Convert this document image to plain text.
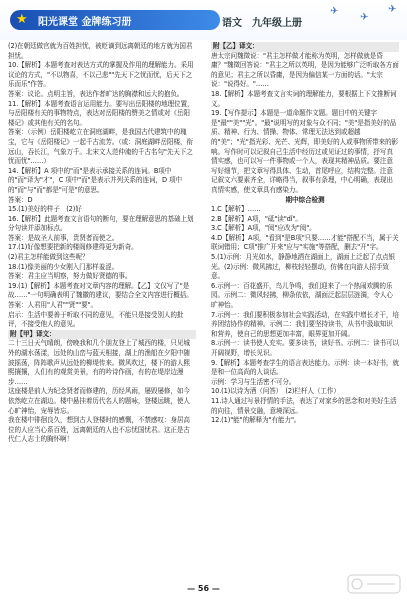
★ 阳光课堂 金牌练习册	语文　九年级上册
✈
✈
✈

(2)在朝廷做官就为百姓担忧，被贬谪到远离朝廷的地方就为国君担忧。

10.【解析】本题考查对表达方式的掌握及作用的理解能力。采用议论的方式，"不以物喜，不以己悲""先天下之忧而忧，后天下之乐而乐"作答。

答案：议论。点明主旨，表达作者旷达的胸襟和远大的抱负。

11.【解析】本题考查语言运用能力。要写出岳阳楼的地理位置，与岳阳楼有关的事物特点，表达对岳阳楼的赞美之情或对《岳阳楼记》或其他有关的名句。

答案：（示例）岳阳楼屹立在洞庭湖畔，是我国古代建筑中的瑰宝，它与《岳阳楼记》一起千古流芳。（或：洞庭湖畔岳阳楼，衔远山，吞长江，气象万千。北宋文人范仲淹的千古名句"先天下之忧而忧"……）

14.【解析】A 项中的"而"是表示承接关系的连词。B项中的"而"译为"才"，C 项中"而"是表示并列关系的连词，D 项中的"而"与"而"都是"可是"的意思。

答案：D

15.(1)美好的样子　(2)好

16.【解析】此题考查文言语句的断句，要在理解意思的基础上划分句读并添加标点。

答案：是故圣人前事，贵贤者而使之。

17.(1)好像想要把新的楼阁修建得更为新奇。

(2)君主怎样能做到这些呢？

18.(1)像美丽的少女刚入门那样羞涩。

答案：君主应当明察，努力做好贤德的事。

19.(1)【解析】本题考查对文章内容的理解。【乙】文仅写了"是故……"一句明确表明了魏徽的建议，要结合全文内容进行概括。

答案：人君用"人君""贤""要"。

启示：生活中要善于听取不同的意见，不能只是接受别人的批评，不接受他人的意见。

附【甲】译文：

二十三日天气晴朗，傍晚我和几个朋友登上了城西的楼，只见城外的湖水荡漾，远处的山峦与蓝天相接，湖上的渔船在夕阳中随波摇荡，阵阵歌声从远处的柳堤传来。微风吹过，楼下的游人熙熙攘攘，人们有的观赏美景，有的吟诗作画，有的在堤岸边漫步……

这座楼是前人为纪念贤者而修建的，历经风雨，屡毁屡修，如今依然屹立在湖边。楼中悬挂着历代名人的题咏，登楼远眺，使人心旷神怡，宠辱皆忘。

我在楼中徘徊良久，想到古人登楼时的感慨，不禁感叹：身居高位的人应当心系百姓，远离朝廷的人也不忘忧国忧君。这正是古代仁人志士的胸怀啊！

附【乙】译文：

唐太宗问魏徵说："君主怎样做才能称为英明，怎样做就是昏庸？"魏徵回答说："君主之所以英明，是因为能够广泛听取各方面的意见；君主之所以昏庸，是因为偏信某一方面的话。"太宗说："说得好。"……

18.【解析】本题考查文言实词的理解能力，要根据上下文推断词义。

19.【写作提示】本题是一道命题作文题。题目中的关键字是"最""美""光"。"最"说明写的对象与众不同；"美"是指美好的品质、精神、行为、情操、物体、常理无法达到或超越的"美"；"光"指光彩、光芒、光辉，即美好的人或事物所带来的影响。写作时可以记叙自己生活中经历过或见证过的事情，抒写真情实感，也可以写一件事物或一个人，表现其精神品质。要注意写好细节，把文章写得具体、生动，首尾呼应，结构完整。注意记叙文六要素齐全，详略得当，叙事有条理，中心明确，表现出真情实感，使文章具有感染力。

期中综合检测

1.C【解析】……

2.B【解析】A项，"砥"读"dǐ"。

3.C【解析】A项，"阅"应改为"阅"。

4.D【解析】A项，"看到"是B项"只要……才能"搭配不当，属于关联词错用；C项"推广开来"应与"实施"等搭配，删去"开"字。

5.(1)示例：月光如水，静静地洒在湖面上，湖面上泛起了点点银光。(2)示例：微风拂过，柳枝轻轻摆动，仿佛在向游人招手致意。

6.示例一：百花盛开，鸟儿争鸣，我们迎来了一个热闹欢腾的乐园。示例二：微风轻拂，柳条依依，湖面泛起层层涟漪，令人心旷神怡。

7.示例一：我们要积极参加社会实践活动，在实践中增长才干，培养团结协作的精神。示例二：我们要坚持读书，从书中汲取知识和营养，使自己的思想更加丰富，眼界更加开阔。

8.示例一：读书使人充实。要多读书，读好书。示例二：读书可以开阔视野，增长见识。

9.【解析】本题考查学生的语言表达能力。示例：读一本好书，就是和一位高尚的人谈话。

示例：学习与生活密不可分。

10.(1)以诗为酒（问答）　(2)栏杆人（工作）

11.诗人通过写景抒情的手法，表达了对家乡的思念和对美好生活的向往，情景交融，意境深远。

12.(1)"能"的解释为"有能力"。

— 56 —
